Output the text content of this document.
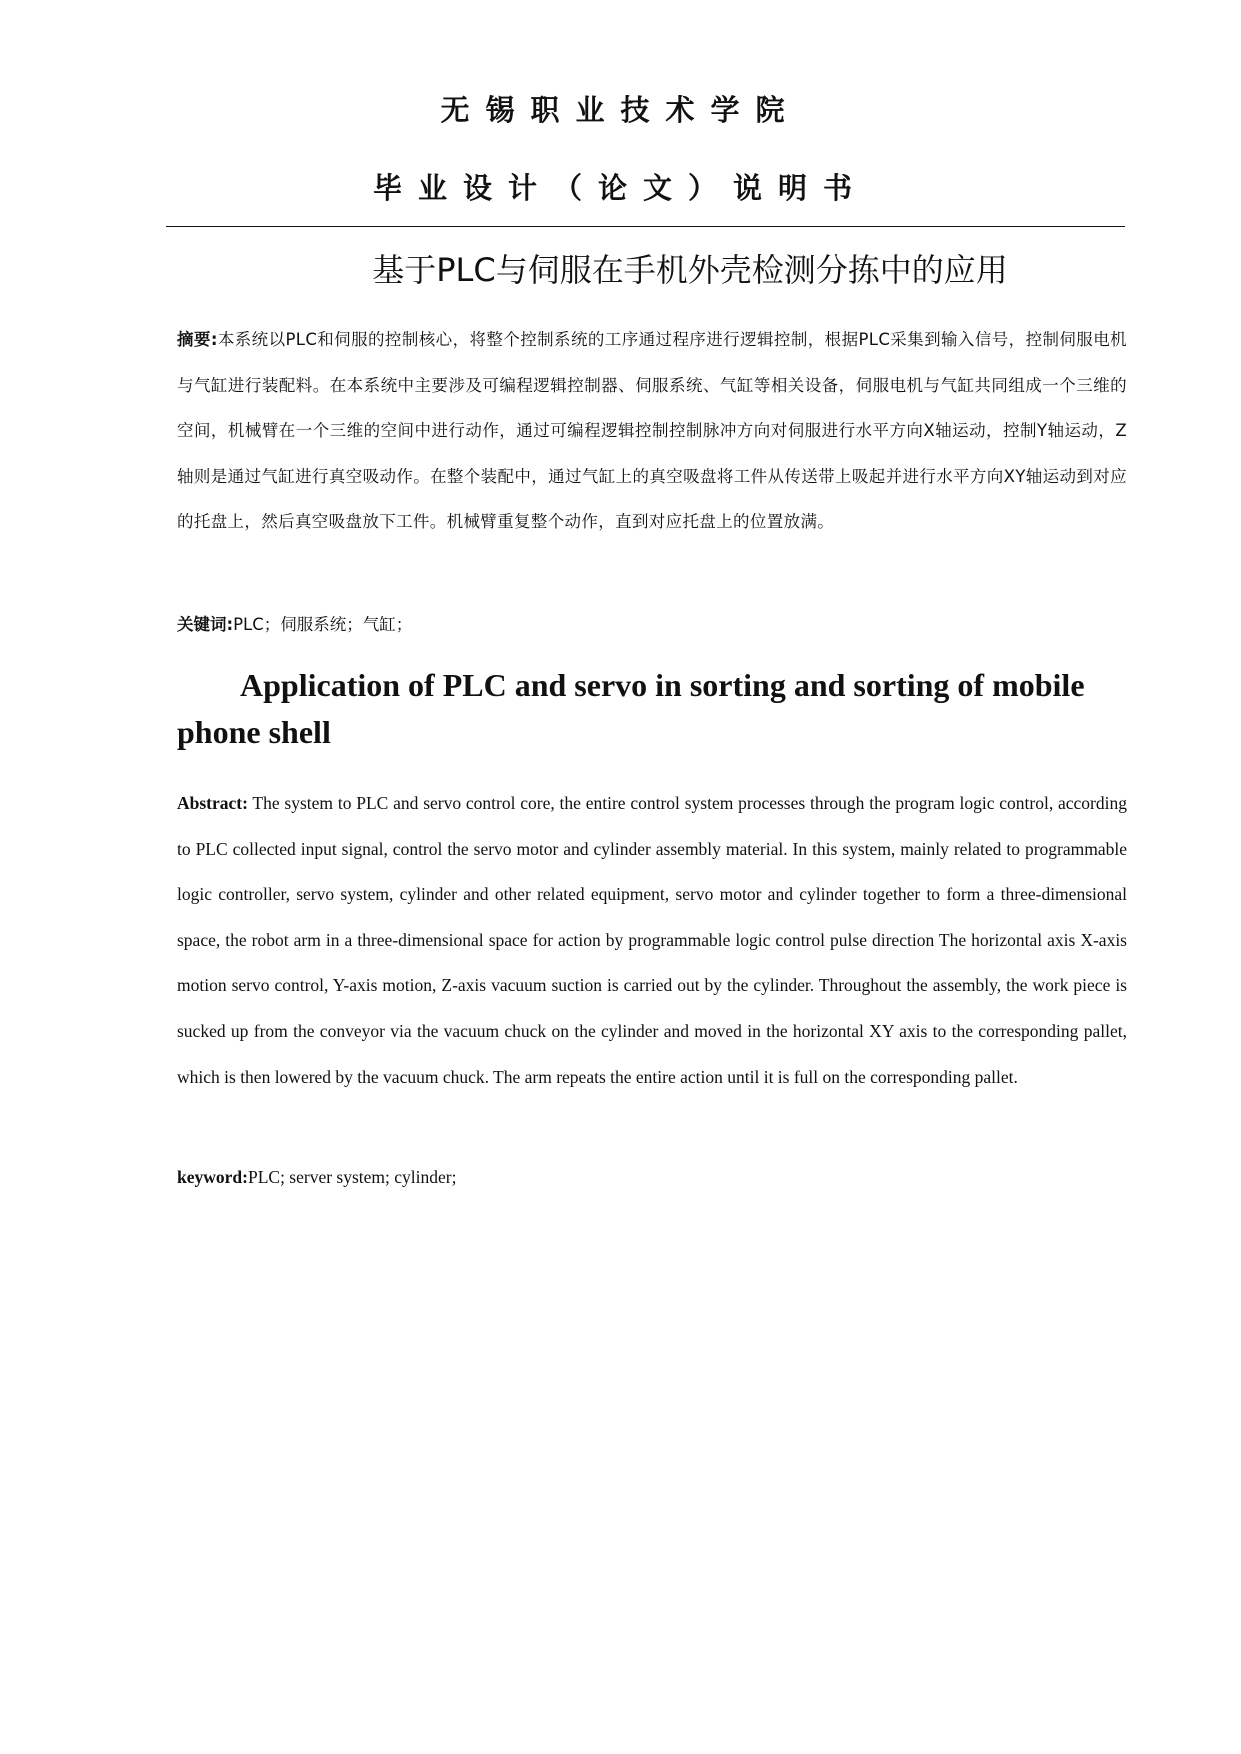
无锡职业技术学院
毕业设计（论文）说明书
基于PLC与伺服在手机外壳检测分拣中的应用

摘要:本系统以PLC和伺服的控制核心，将整个控制系统的工序通过程序进行逻辑控制，根据PLC采集到输入信号，控制伺服电机与气缸进行装配料。在本系统中主要涉及可编程逻辑控制器、伺服系统、气缸等相关设备，伺服电机与气缸共同组成一个三维的空间，机械臂在一个三维的空间中进行动作，通过可编程逻辑控制控制脉冲方向对伺服进行水平方向X轴运动，控制Y轴运动，Z轴则是通过气缸进行真空吸动作。在整个装配中，通过气缸上的真空吸盘将工件从传送带上吸起并进行水平方向XY轴运动到对应的托盘上，然后真空吸盘放下工件。机械臂重复整个动作，直到对应托盘上的位置放满。

关键词:PLC；伺服系统；气缸；

Application of PLC and servo in sorting and sorting of mobile phone shell

Abstract: The system to PLC and servo control core, the entire control system processes through the program logic control, according to PLC collected input signal, control the servo motor and cylinder assembly material. In this system, mainly related to programmable logic controller, servo system, cylinder and other related equipment, servo motor and cylinder together to form a three-dimensional space, the robot arm in a three-dimensional space for action by programmable logic control pulse direction The horizontal axis X-axis motion servo control, Y-axis motion, Z-axis vacuum suction is carried out by the cylinder. Throughout the assembly, the work piece is sucked up from the conveyor via the vacuum chuck on the cylinder and moved in the horizontal XY axis to the corresponding pallet, which is then lowered by the vacuum chuck. The arm repeats the entire action until it is full on the corresponding pallet.

keyword:PLC; server system; cylinder;
